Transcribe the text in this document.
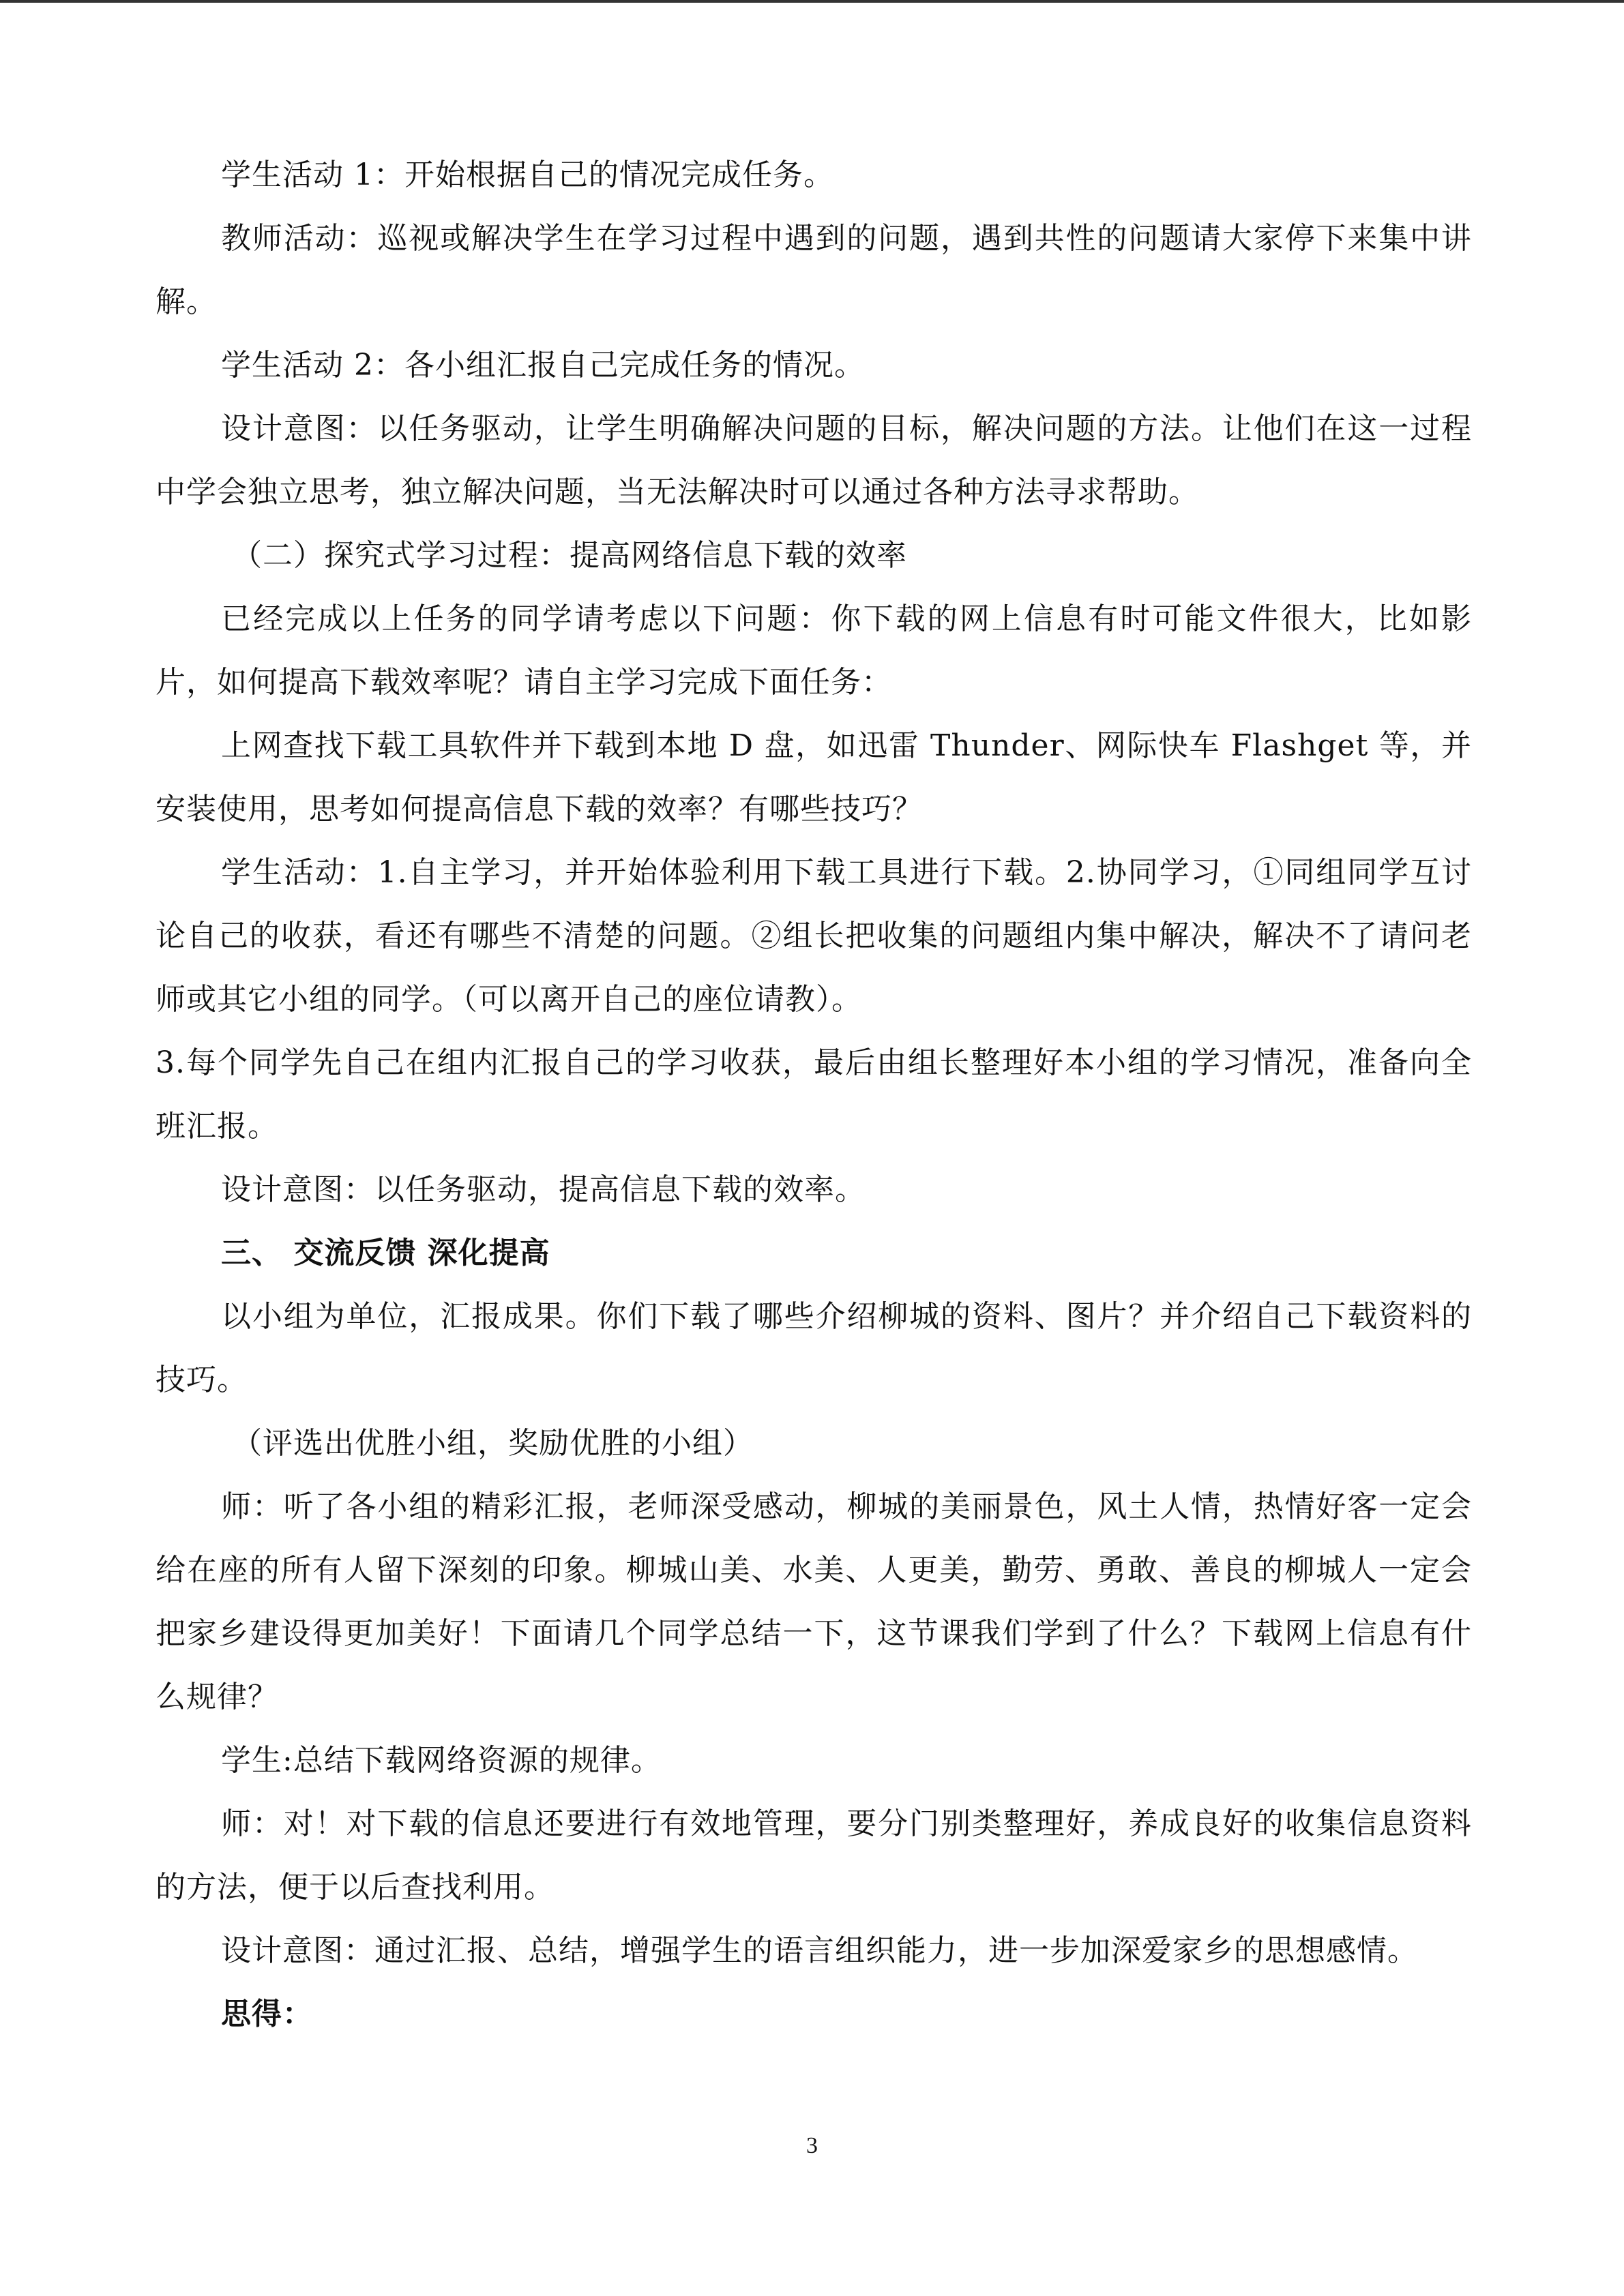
学生活动 1：开始根据自己的情况完成任务。

教师活动：巡视或解决学生在学习过程中遇到的问题，遇到共性的问题请大家停下来集中讲解。

学生活动 2：各小组汇报自己完成任务的情况。

设计意图：以任务驱动，让学生明确解决问题的目标，解决问题的方法。让他们在这一过程中学会独立思考，独立解决问题，当无法解决时可以通过各种方法寻求帮助。

（二）探究式学习过程：提高网络信息下载的效率

已经完成以上任务的同学请考虑以下问题：你下载的网上信息有时可能文件很大，比如影片，如何提高下载效率呢？请自主学习完成下面任务：

上网查找下载工具软件并下载到本地 D 盘，如迅雷 Thunder、网际快车 Flashget 等，并安装使用，思考如何提高信息下载的效率？有哪些技巧？

学生活动：1.自主学习，并开始体验利用下载工具进行下载。2.协同学习，①同组同学互讨论自己的收获，看还有哪些不清楚的问题。②组长把收集的问题组内集中解决，解决不了请问老师或其它小组的同学。（可以离开自己的座位请教）。

3.每个同学先自己在组内汇报自己的学习收获，最后由组长整理好本小组的学习情况，准备向全班汇报。

设计意图：以任务驱动，提高信息下载的效率。

三、 交流反馈 深化提高

以小组为单位，汇报成果。你们下载了哪些介绍柳城的资料、图片？并介绍自己下载资料的技巧。

（评选出优胜小组，奖励优胜的小组）

师：听了各小组的精彩汇报，老师深受感动，柳城的美丽景色，风土人情，热情好客一定会给在座的所有人留下深刻的印象。柳城山美、水美、人更美，勤劳、勇敢、善良的柳城人一定会把家乡建设得更加美好！下面请几个同学总结一下，这节课我们学到了什么？下载网上信息有什么规律？

学生:总结下载网络资源的规律。

师：对！对下载的信息还要进行有效地管理，要分门别类整理好，养成良好的收集信息资料的方法，便于以后查找利用。

设计意图：通过汇报、总结，增强学生的语言组织能力，进一步加深爱家乡的思想感情。

思得：

3
